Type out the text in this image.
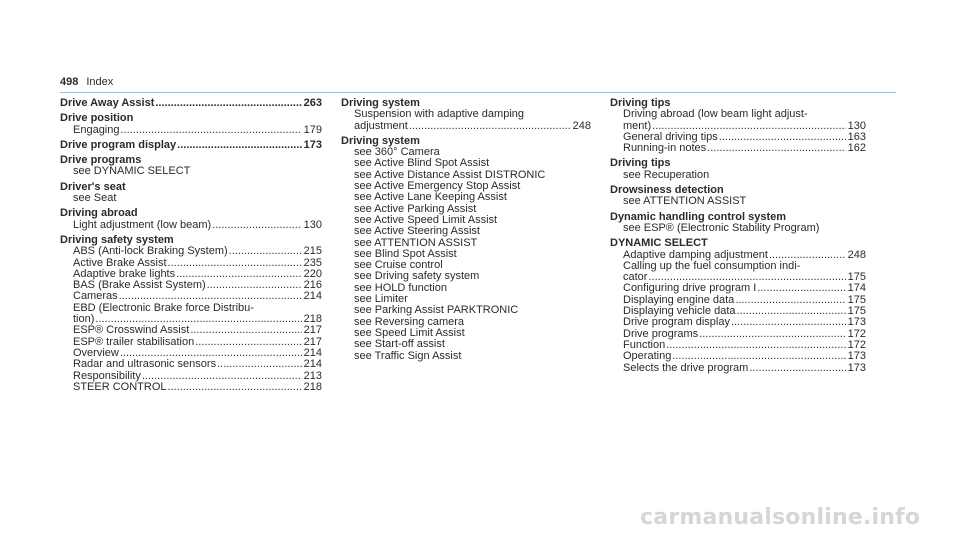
498 Index
Drive Away Assist .....	263
Drive position
Engaging .....	179
Drive program display .....	173
Drive programs
see DYNAMIC SELECT
Driver's seat
see Seat
Driving abroad
Light adjustment (low beam) .....	130
Driving safety system
ABS (Anti-lock Braking System) .....	215
Active Brake Assist .....	235
Adaptive brake lights .....	220
BAS (Brake Assist System) .....	216
Cameras .....	214
EBD (Electronic Brake force Distribu-
tion) .....	218
ESP® Crosswind Assist .....	217
ESP® trailer stabilisation .....	217
Overview .....	214
Radar and ultrasonic sensors .....	214
Responsibility .....	213
STEER CONTROL .....	218
Driving system
Suspension with adaptive damping
adjustment .....	248
Driving system
see 360° Camera
see Active Blind Spot Assist
see Active Distance Assist DISTRONIC
see Active Emergency Stop Assist
see Active Lane Keeping Assist
see Active Parking Assist
see Active Speed Limit Assist
see Active Steering Assist
see ATTENTION ASSIST
see Blind Spot Assist
see Cruise control
see Driving safety system
see HOLD function
see Limiter
see Parking Assist PARKTRONIC
see Reversing camera
see Speed Limit Assist
see Start-off assist
see Traffic Sign Assist
Driving tips
Driving abroad (low beam light adjust-
ment) .....	130
General driving tips .....	163
Running-in notes .....	162
Driving tips
see Recuperation
Drowsiness detection
see ATTENTION ASSIST
Dynamic handling control system
see ESP® (Electronic Stability Program)
DYNAMIC SELECT
Adaptive damping adjustment .....	248
Calling up the fuel consumption indi-
cator .....	175
Configuring drive program I .....	174
Displaying engine data .....	175
Displaying vehicle data .....	175
Drive program display .....	173
Drive programs .....	172
Function .....	172
Operating .....	173
Selects the drive program .....	173
carmanualsonline.info
